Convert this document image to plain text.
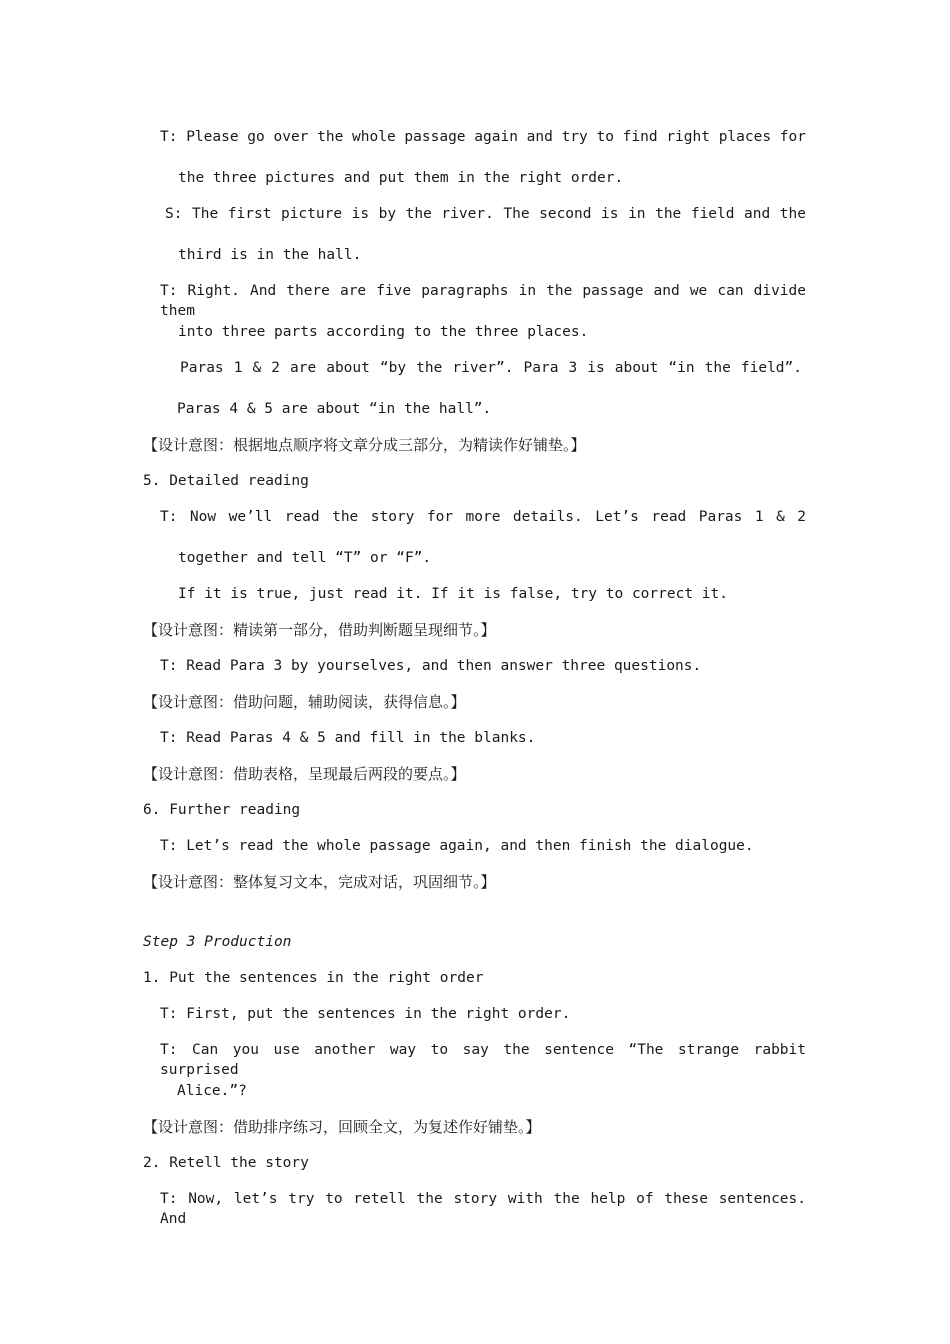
T: Please go over the whole passage again and try to find right places for
the three pictures and put them in the right order.
S: The first picture is by the river. The second is in the field and the
third is in the hall.
T: Right. And there are five paragraphs in the passage and we can divide them
into three parts according to the three places.
Paras 1 & 2 are about “by the river”. Para 3 is about “in the field”.
Paras 4 & 5 are about “in the hall”.
【设计意图：根据地点顺序将文章分成三部分，为精读作好铺垫。】
5. Detailed reading
T: Now we’ll read the story for more details. Let’s read Paras 1 & 2
together and tell “T” or “F”.
If it is true, just read it. If it is false, try to correct it.
【设计意图：精读第一部分，借助判断题呈现细节。】
T: Read Para 3 by yourselves, and then answer three questions.
【设计意图：借助问题，辅助阅读，获得信息。】
T: Read Paras 4 & 5 and fill in the blanks.
【设计意图：借助表格，呈现最后两段的要点。】
6. Further reading
T: Let’s read the whole passage again, and then finish the dialogue.
【设计意图：整体复习文本，完成对话，巩固细节。】
Step 3 Production
1. Put the sentences in the right order
T: First, put the sentences in the right order.
T: Can you use another way to say the sentence “The strange rabbit surprised
Alice.”?
【设计意图：借助排序练习，回顾全文，为复述作好铺垫。】
2. Retell the story
T: Now, let’s try to retell the story with the help of these sentences. And
